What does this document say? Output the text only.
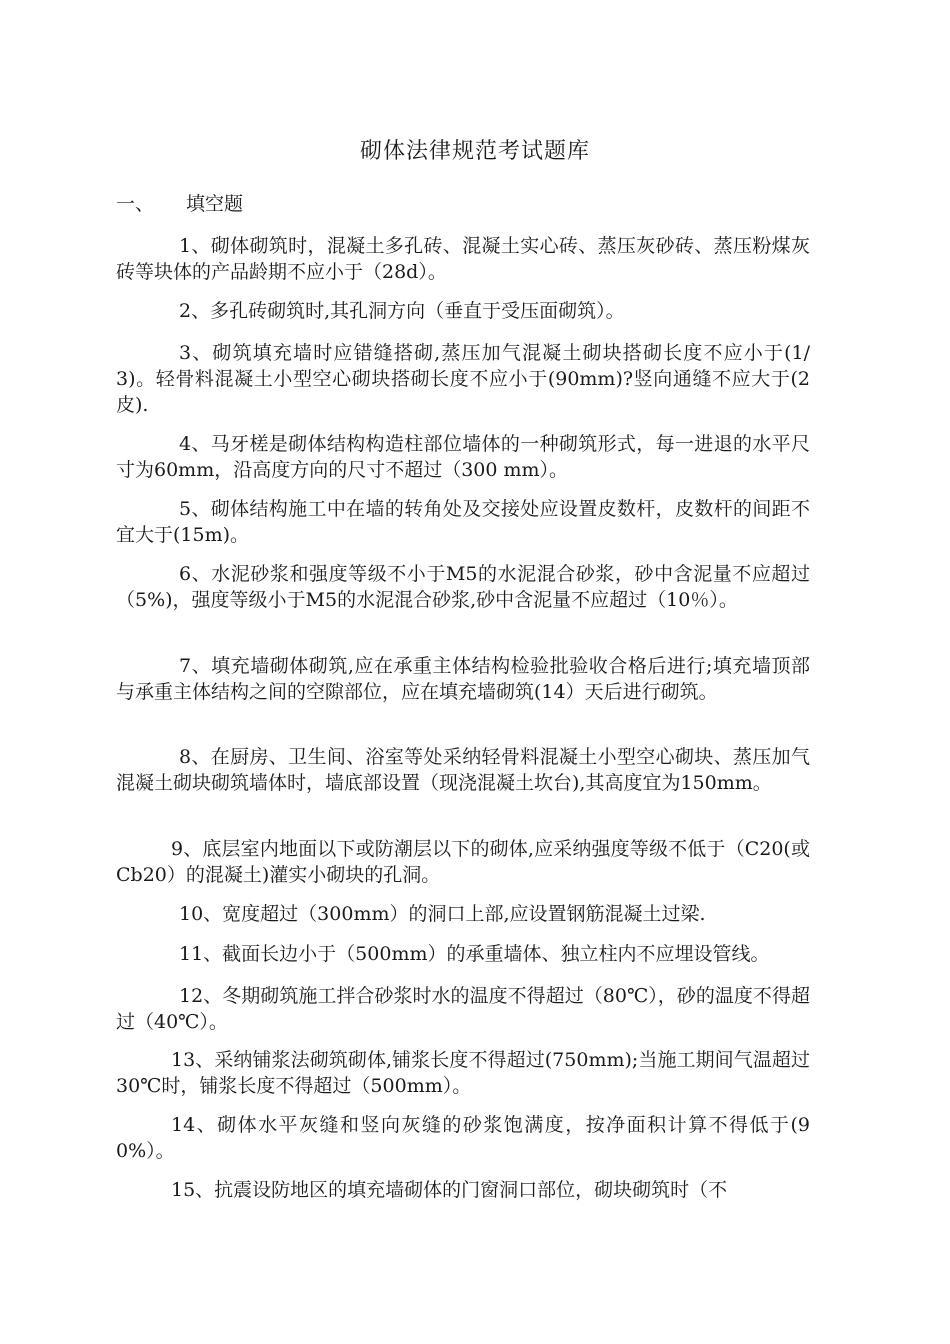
砌体法律规范考试题库
一、 填空题
1、砌体砌筑时，混凝土多孔砖、混凝土实心砖、蒸压灰砂砖、蒸压粉煤灰砖等块体的产品龄期不应小于（28d）。
2、多孔砖砌筑时,其孔洞方向（垂直于受压面砌筑）。
3、砌筑填充墙时应错缝搭砌,蒸压加气混凝土砌块搭砌长度不应小于(1/3)。轻骨料混凝土小型空心砌块搭砌长度不应小于(90mm)?竖向通缝不应大于(2皮).
4、马牙槎是砌体结构构造柱部位墙体的一种砌筑形式，每一进退的水平尺寸为60mm，沿高度方向的尺寸不超过（300 mm）。
5、砌体结构施工中在墙的转角处及交接处应设置皮数杆，皮数杆的间距不宜大于(15m)。
6、水泥砂浆和强度等级不小于M5的水泥混合砂浆，砂中含泥量不应超过（5%)，强度等级小于M5的水泥混合砂浆,砂中含泥量不应超过（10％）。
7、填充墙砌体砌筑,应在承重主体结构检验批验收合格后进行;填充墙顶部与承重主体结构之间的空隙部位，应在填充墙砌筑(14）天后进行砌筑。
8、在厨房、卫生间、浴室等处采纳轻骨料混凝土小型空心砌块、蒸压加气混凝土砌块砌筑墙体时，墙底部设置（现浇混凝土坎台),其高度宜为150mm。
9、底层室内地面以下或防潮层以下的砌体,应采纳强度等级不低于（C20(或Cb20）的混凝土)灌实小砌块的孔洞。
10、宽度超过（300mm）的洞口上部,应设置钢筋混凝土过梁.
11、截面长边小于（500mm）的承重墙体、独立柱内不应埋设管线。
12、冬期砌筑施工拌合砂浆时水的温度不得超过（80℃），砂的温度不得超过（40℃）。
13、采纳铺浆法砌筑砌体,铺浆长度不得超过(750mm);当施工期间气温超过30℃时，铺浆长度不得超过（500mm）。
14、砌体水平灰缝和竖向灰缝的砂浆饱满度，按净面积计算不得低于(90%）。
15、抗震设防地区的填充墙砌体的门窗洞口部位，砌块砌筑时（不
